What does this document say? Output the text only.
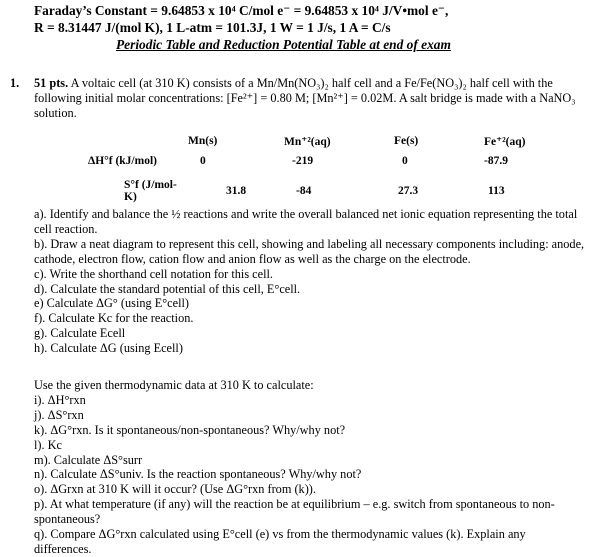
Faraday’s Constant = 9.64853 x 10⁴ C/mol e⁻ = 9.64853 x 10⁴ J/V•mol e⁻,
R = 8.31447 J/(mol K), 1 L-atm = 101.3J, 1 W = 1 J/s, 1 A = C/s
Periodic Table and Reduction Potential Table at end of exam
1. 51 pts. A voltaic cell (at 310 K) consists of a Mn/Mn(NO₃)₂ half cell and a Fe/Fe(NO₃)₂ half cell with the following initial molar concentrations: [Fe²⁺] = 0.80 M; [Mn²⁺] = 0.02M. A salt bridge is made with a NaNO₃ solution.
	Mn(s)	Mn⁺²(aq)	Fe(s)	Fe⁺²(aq)
ΔH°f (kJ/mol)	0	-219	0	-87.9
S°f (J/mol-K)	31.8	-84	27.3	113
a). Identify and balance the ½ reactions and write the overall balanced net ionic equation representing the total cell reaction.
b). Draw a neat diagram to represent this cell, showing and labeling all necessary components including: anode, cathode, electron flow, cation flow and anion flow as well as the charge on the electrode.
c). Write the shorthand cell notation for this cell.
d). Calculate the standard potential of this cell, E°cell.
e) Calculate ΔG° (using E°cell)
f). Calculate Kc for the reaction.
g). Calculate Ecell
h). Calculate ΔG (using Ecell)
Use the given thermodynamic data at 310 K to calculate:
i). ΔH°rxn
j). ΔS°rxn
k). ΔG°rxn. Is it spontaneous/non-spontaneous? Why/why not?
l). Kc
m). Calculate ΔS°surr
n). Calculate ΔS°univ. Is the reaction spontaneous? Why/why not?
o). ΔGrxn at 310 K will it occur? (Use ΔG°rxn from (k)).
p). At what temperature (if any) will the reaction be at equilibrium – e.g. switch from spontaneous to non-spontaneous?
q). Compare ΔG°rxn calculated using E°cell (e) vs from the thermodynamic values (k). Explain any differences.
